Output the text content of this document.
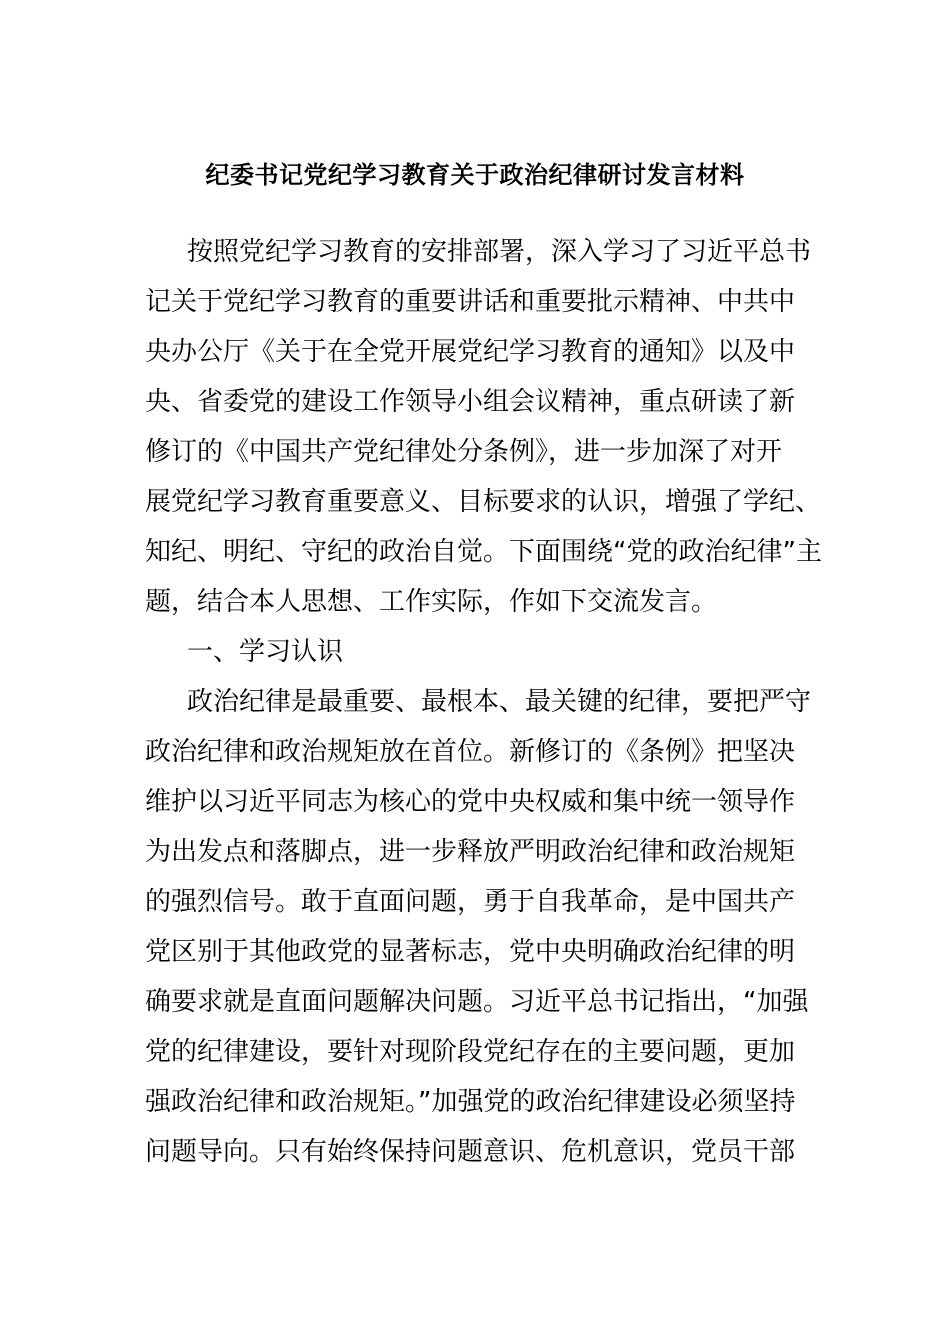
纪委书记党纪学习教育关于政治纪律研讨发言材料
按照党纪学习教育的安排部署，深入学习了习近平总书
记关于党纪学习教育的重要讲话和重要批示精神、中共中
央办公厅《关于在全党开展党纪学习教育的通知》以及中
央、省委党的建设工作领导小组会议精神，重点研读了新
修订的《中国共产党纪律处分条例》，进一步加深了对开
展党纪学习教育重要意义、目标要求的认识，增强了学纪、
知纪、明纪、守纪的政治自觉。下面围绕“党的政治纪律”主
题，结合本人思想、工作实际，作如下交流发言。
一、学习认识
政治纪律是最重要、最根本、最关键的纪律，要把严守
政治纪律和政治规矩放在首位。新修订的《条例》把坚决
维护以习近平同志为核心的党中央权威和集中统一领导作
为出发点和落脚点，进一步释放严明政治纪律和政治规矩
的强烈信号。敢于直面问题，勇于自我革命，是中国共产
党区别于其他政党的显著标志，党中央明确政治纪律的明
确要求就是直面问题解决问题。习近平总书记指出，“加强
党的纪律建设，要针对现阶段党纪存在的主要问题，更加
强政治纪律和政治规矩。”加强党的政治纪律建设必须坚持
问题导向。只有始终保持问题意识、危机意识，党员干部
